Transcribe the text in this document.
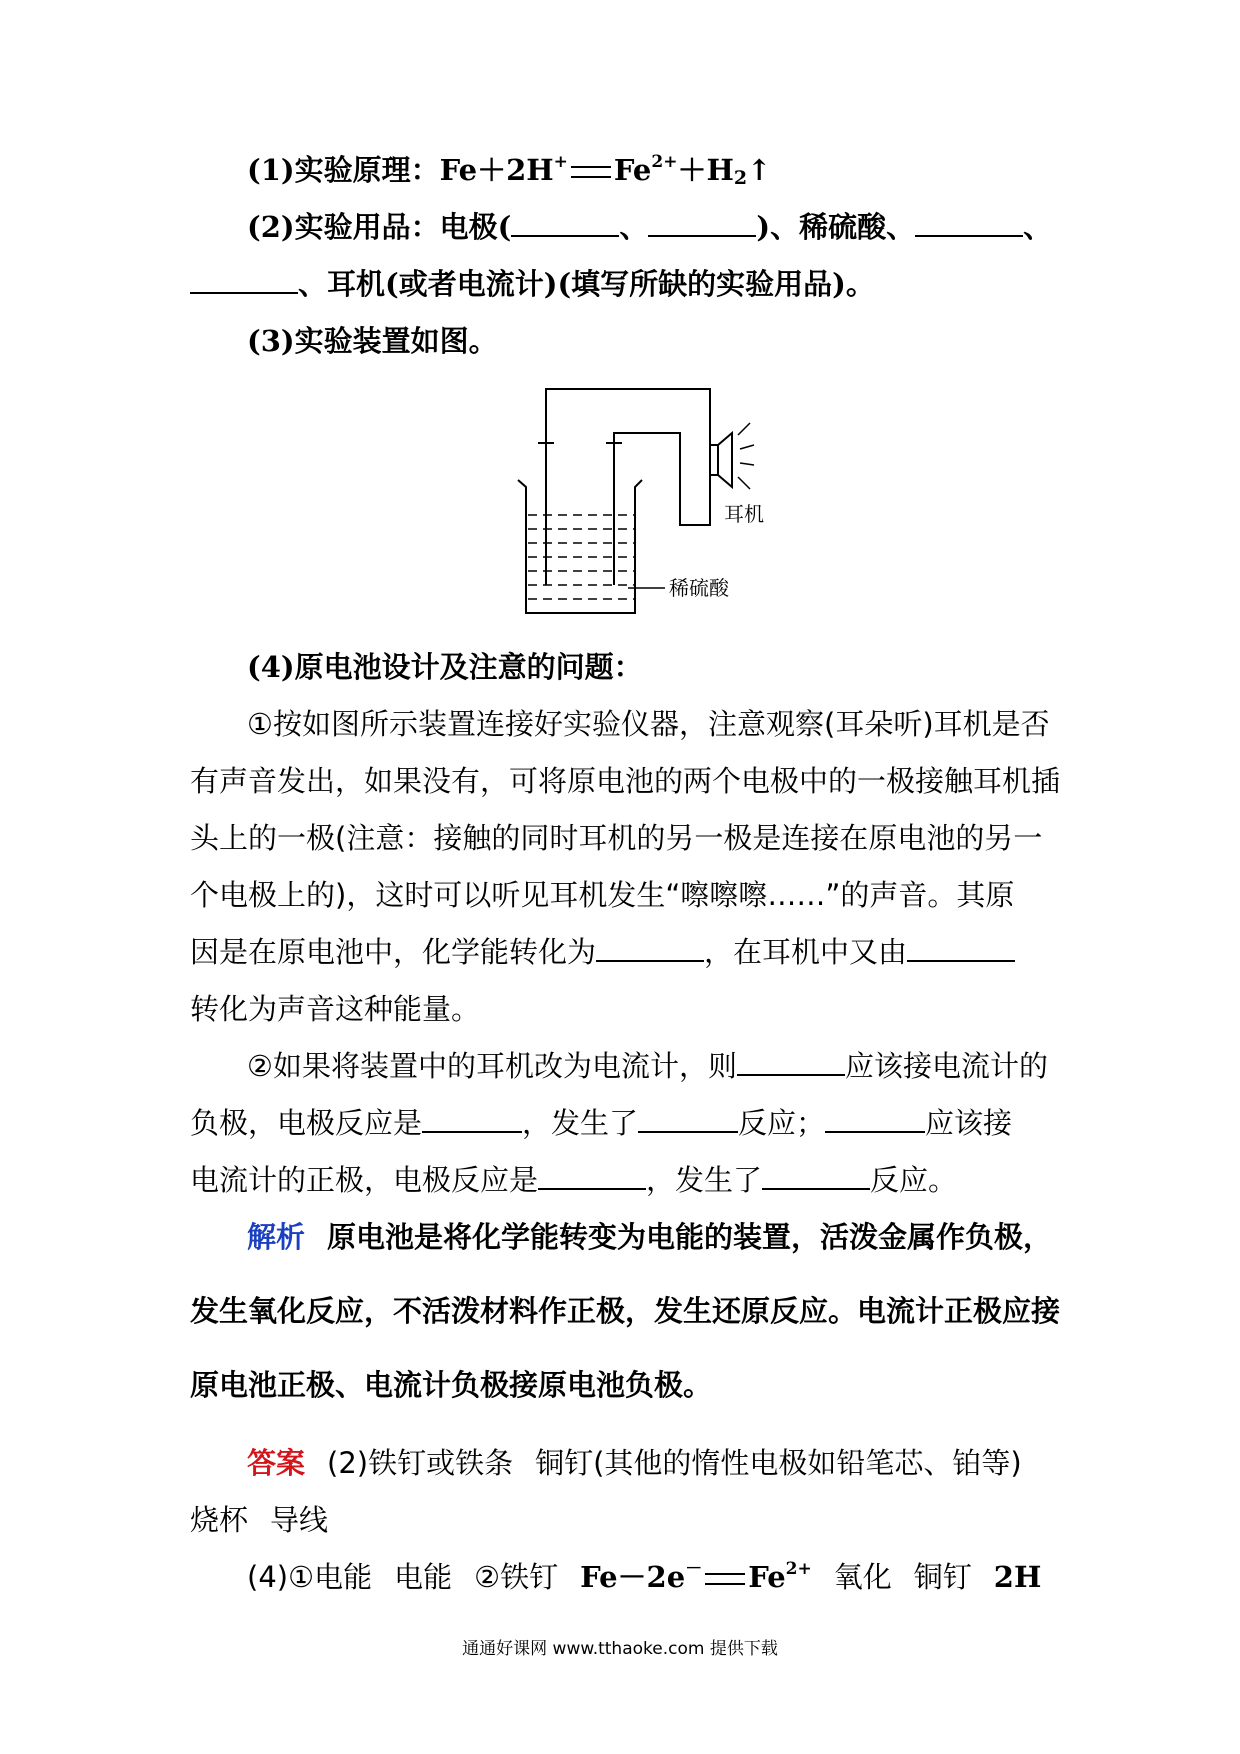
(1)实验原理：Fe＋2H+ $Fe^{2+}+H_2↑$
(2)实验用品：电极(	、	)、稀硫酸、	、
、耳机(或者电流计)(填写所缺的实验用品)。
(3)实验装置如图。
耳机
稀硫酸
(4)原电池设计及注意的问题：
①按如图所示装置连接好实验仪器，注意观察(耳朵听)耳机是否
有声音发出，如果没有，可将原电池的两个电极中的一极接触耳机插
头上的一极(注意：接触的同时耳机的另一极是连接在原电池的另一
个电极上的)，这时可以听见耳机发生“嚓嚓嚓……”的声音。其原
因是在原电池中，化学能转化为	，在耳机中又由
转化为声音这种能量。
②如果将装置中的耳机改为电流计，则	应该接电流计的
负极，电极反应是	，发生了	反应；	应该接
电流计的正极，电极反应是	，发生了	反应。
解析 原电池是将化学能转变为电能的装置，活泼金属作负极，
发生氧化反应，不活泼材料作正极，发生还原反应。电流计正极应接
原电池正极、电流计负极接原电池负极。
答案 (2)铁钉或铁条 铜钉(其他的惰性电极如铅笔芯、铂等)
烧杯 导线
(4)①电能 电能 ②铁钉 Fe－2e－ $Fe^{2+}$ 氧化 铜钉 2H
通通好课网 www.tthaoke.com 提供下载
